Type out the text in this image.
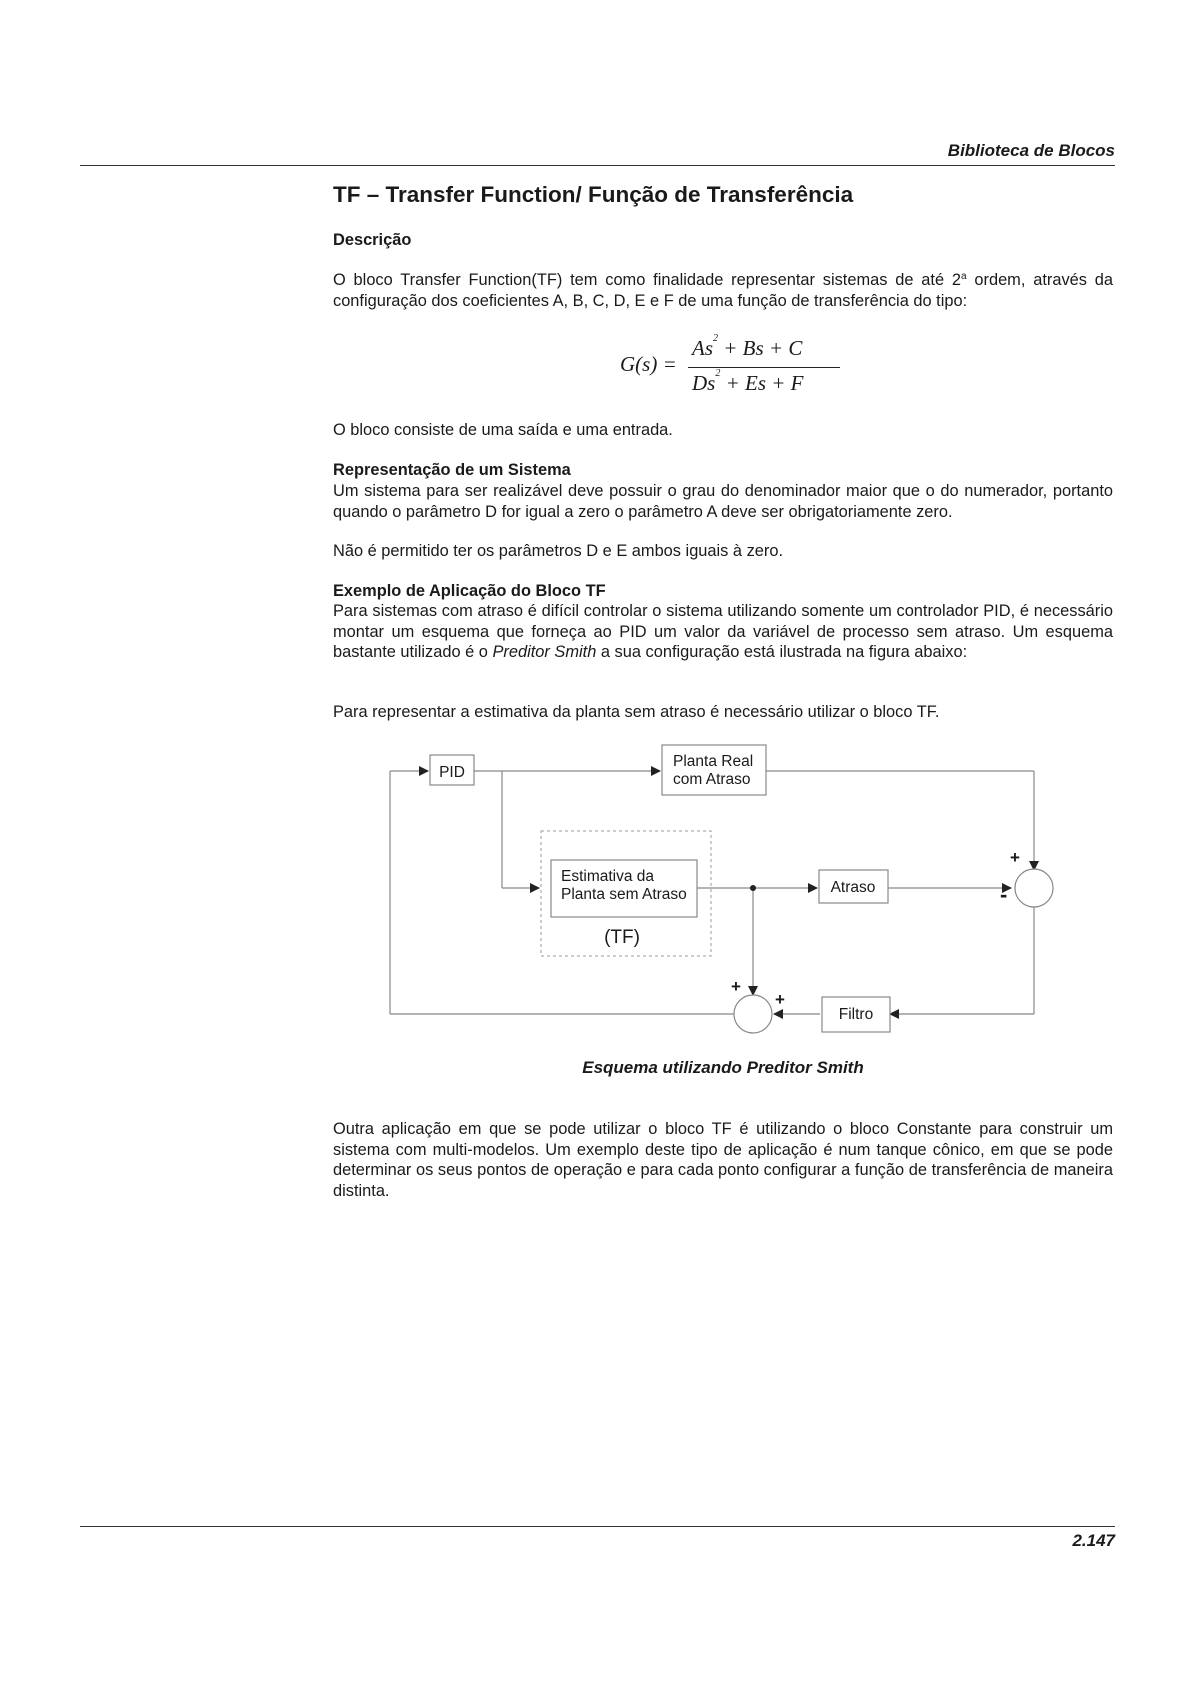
Biblioteca de Blocos
TF – Transfer Function/ Função de Transferência
Descrição

O bloco Transfer Function(TF) tem como finalidade representar sistemas de até 2$^a$ ordem, através da configuração dos coeficientes A, B, C, D, E e F de uma função de transferência do tipo:

G(s) =
$As^2 + Bs + C$
$Ds^2 + Es + F$

O bloco consiste de uma saída e uma entrada.

Representação de um Sistema

Um sistema para ser realizável deve possuir o grau do denominador maior que o do numerador, portanto quando o parâmetro D for igual a zero o parâmetro A deve ser obrigatoriamente zero.

Não é permitido ter os parâmetros D e E ambos iguais à zero.

Exemplo de Aplicação do Bloco TF

Para sistemas com atraso é difícil controlar o sistema utilizando somente um controlador PID, é necessário montar um esquema que forneça ao PID um valor da variável de processo sem atraso. Um esquema bastante utilizado é o Preditor Smith a sua configuração está ilustrada na figura abaixo:

Para representar a estimativa da planta sem atraso é necessário utilizar o bloco TF.

PID
Planta Real
com Atraso
Estimativa da
Planta sem Atraso
(TF)
Atraso
Filtro
+
-
+
+
Esquema utilizando Preditor Smith

Outra aplicação em que se pode utilizar o bloco TF é utilizando o bloco Constante para construir um sistema com multi-modelos. Um exemplo deste tipo de aplicação é num tanque cônico, em que se pode determinar os seus pontos de operação e para cada ponto configurar a função de transferência de maneira distinta.

2.147
